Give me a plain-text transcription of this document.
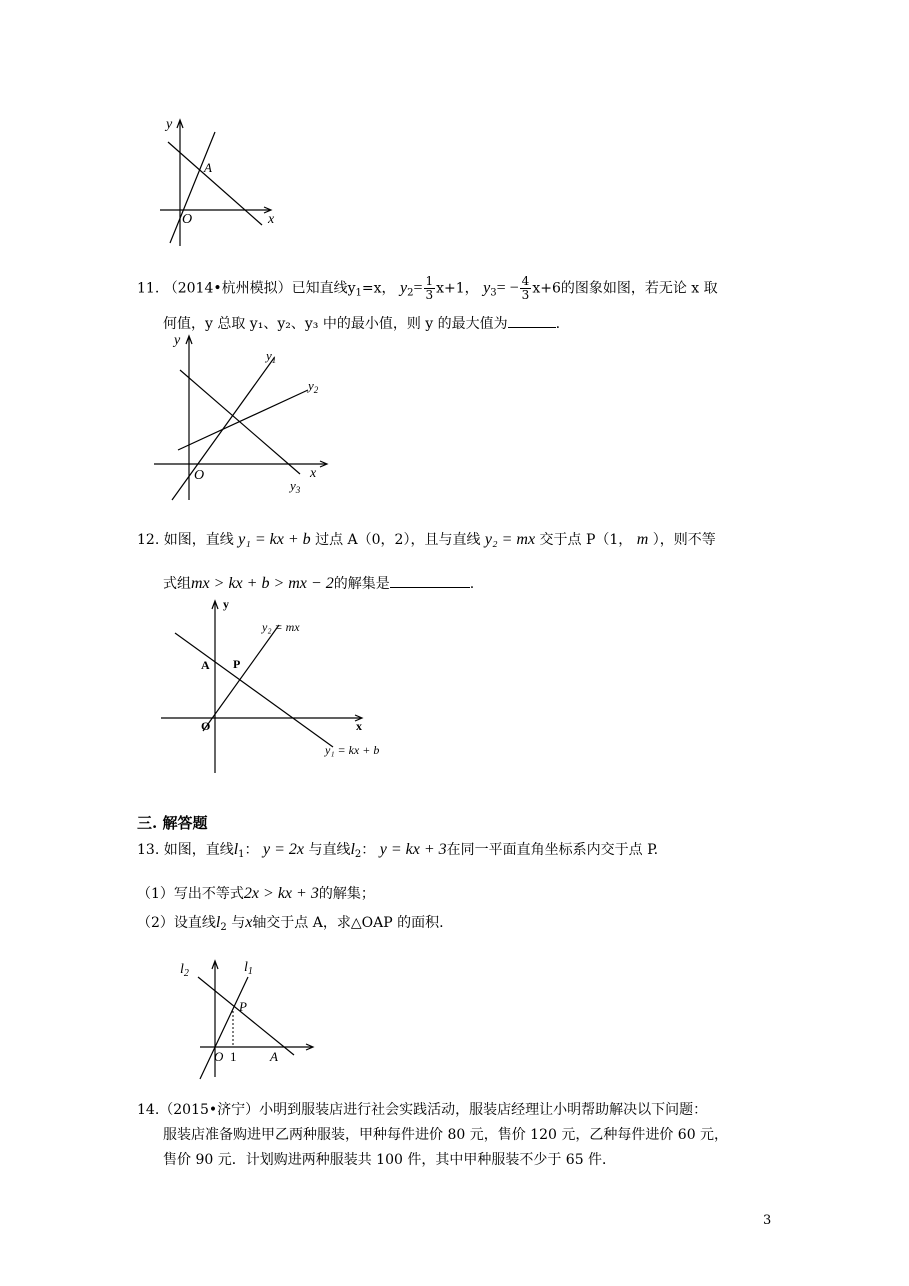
y
A
O	x
11. （2014•杭州模拟）已知直线$y_1=x$， $y_2= \frac{1}{3} x+1$， $y_3= - \frac{4}{3} x+6$的图象如图，若无论 x 取
何值，y 总取 y₁、y₂、y₃ 中的最小值，则 y 的最大值为	.
y
$y_1$
$y_2$
O	x
$y_3$
12. 如图，直线 y₁ = kx + b 过点 A（0，2），且与直线 y₂ = mx 交于点 P（1， m ），则不等
式组mx > kx + b > mx − 2的解集是	.
y
y₂ = mx
A P
O	x
y₁ = kx + b
三. 解答题
13. 如图，直线$l_1$： y = 2x 与直线$l_2$： y = kx + 3在同一平面直角坐标系内交于点 P.
（1）写出不等式2x > kx + 3的解集；
（2）设直线$l_2$ 与x轴交于点 A，求△OAP 的面积.
$l_2$	$l_1$
P
O 1	A
14.（2015•济宁）小明到服装店进行社会实践活动，服装店经理让小明帮助解决以下问题：
服装店准备购进甲乙两种服装，甲种每件进价 80 元，售价 120 元，乙种每件进价 60 元，
售价 90 元．计划购进两种服装共 100 件，其中甲种服装不少于 65 件．
3
